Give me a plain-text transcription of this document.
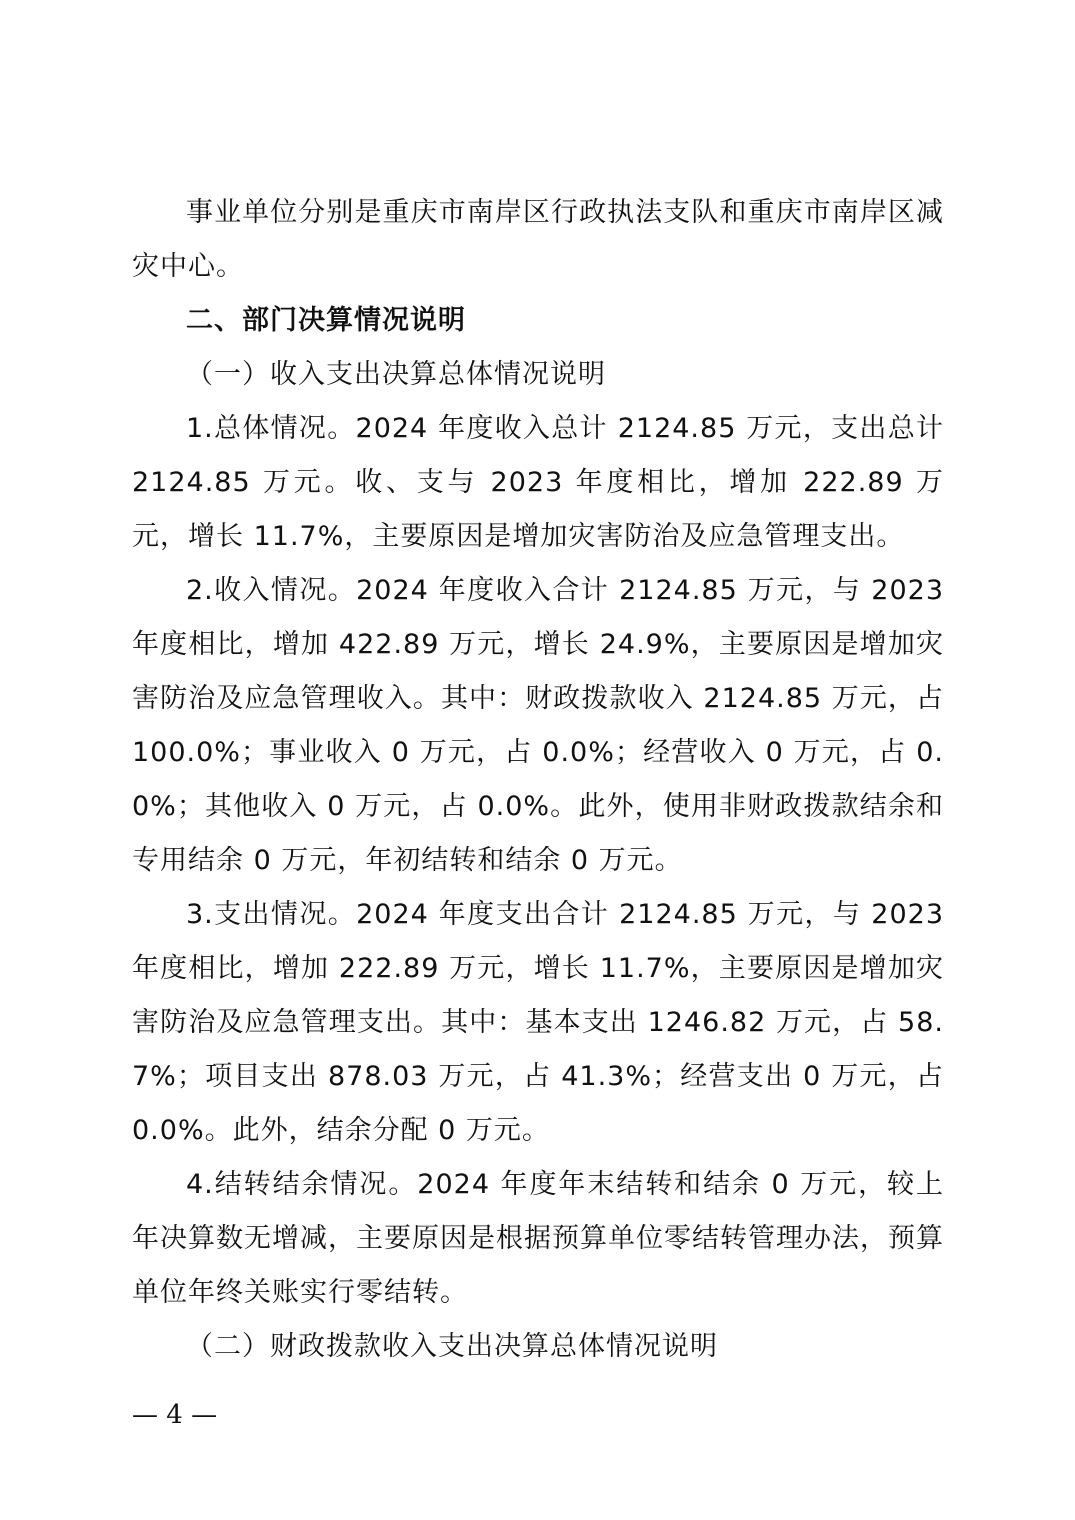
事业单位分别是重庆市南岸区行政执法支队和重庆市南岸区减灾中心。

二、部门决算情况说明

（一）收入支出决算总体情况说明

1.总体情况。2024 年度收入总计 2124.85 万元，支出总计 2124.85 万元。收、支与 2023 年度相比，增加 222.89 万元，增长 11.7%，主要原因是增加灾害防治及应急管理支出。

2.收入情况。2024 年度收入合计 2124.85 万元，与 2023 年度相比，增加 422.89 万元，增长 24.9%，主要原因是增加灾害防治及应急管理收入。其中：财政拨款收入 2124.85 万元，占 100.0%；事业收入 0 万元，占 0.0%；经营收入 0 万元，占 0.0%；其他收入 0 万元，占 0.0%。此外，使用非财政拨款结余和专用结余 0 万元，年初结转和结余 0 万元。

3.支出情况。2024 年度支出合计 2124.85 万元，与 2023 年度相比，增加 222.89 万元，增长 11.7%，主要原因是增加灾害防治及应急管理支出。其中：基本支出 1246.82 万元，占 58.7%；项目支出 878.03 万元，占 41.3%；经营支出 0 万元，占 0.0%。此外，结余分配 0 万元。

4.结转结余情况。2024 年度年末结转和结余 0 万元，较上年决算数无增减，主要原因是根据预算单位零结转管理办法，预算单位年终关账实行零结转。

（二）财政拨款收入支出决算总体情况说明

— 4 —
